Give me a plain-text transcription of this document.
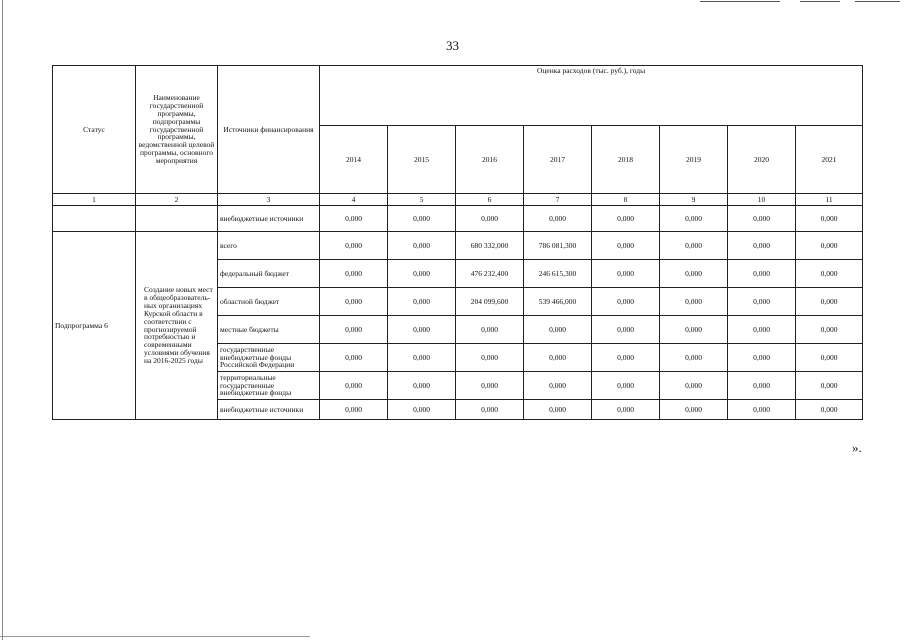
33
Статус	Наименование государственной программы, подпрограммы государственной программы, ведомственной целевой программы, основного мероприятия	Источники финансирования	Оценка расходов (тыс. руб.), годы							
			2014	2015	2016	2017	2018	2019	2020	2021
1	2	3	4	5	6	7	8	9	10	11
		внебюджетные источники	0,000	0,000	0,000	0,000	0,000	0,000	0,000	0,000
Подпрограмма 6	Создание новых мест в общеобразователь-ных организациях Курской области в соответствии с прогнозируемой потребностью и современными условиями обучения на 2016-2025 годы	всего	0,000	0,000	680 332,000	786 081,300	0,000	0,000	0,000	0,000
		федеральный бюджет	0,000	0,000	476 232,400	246 615,300	0,000	0,000	0,000	0,000
		областной бюджет	0,000	0,000	204 099,600	539 466,000	0,000	0,000	0,000	0,000
		местные бюджеты	0,000	0,000	0,000	0,000	0,000	0,000	0,000	0,000
		государственные внебюджетные фонды Российской Федерации	0,000	0,000	0,000	0,000	0,000	0,000	0,000	0,000
		территориальные государственные внебюджетные фонды	0,000	0,000	0,000	0,000	0,000	0,000	0,000	0,000
		внебюджетные источники	0,000	0,000	0,000	0,000	0,000	0,000	0,000	0,000
».
